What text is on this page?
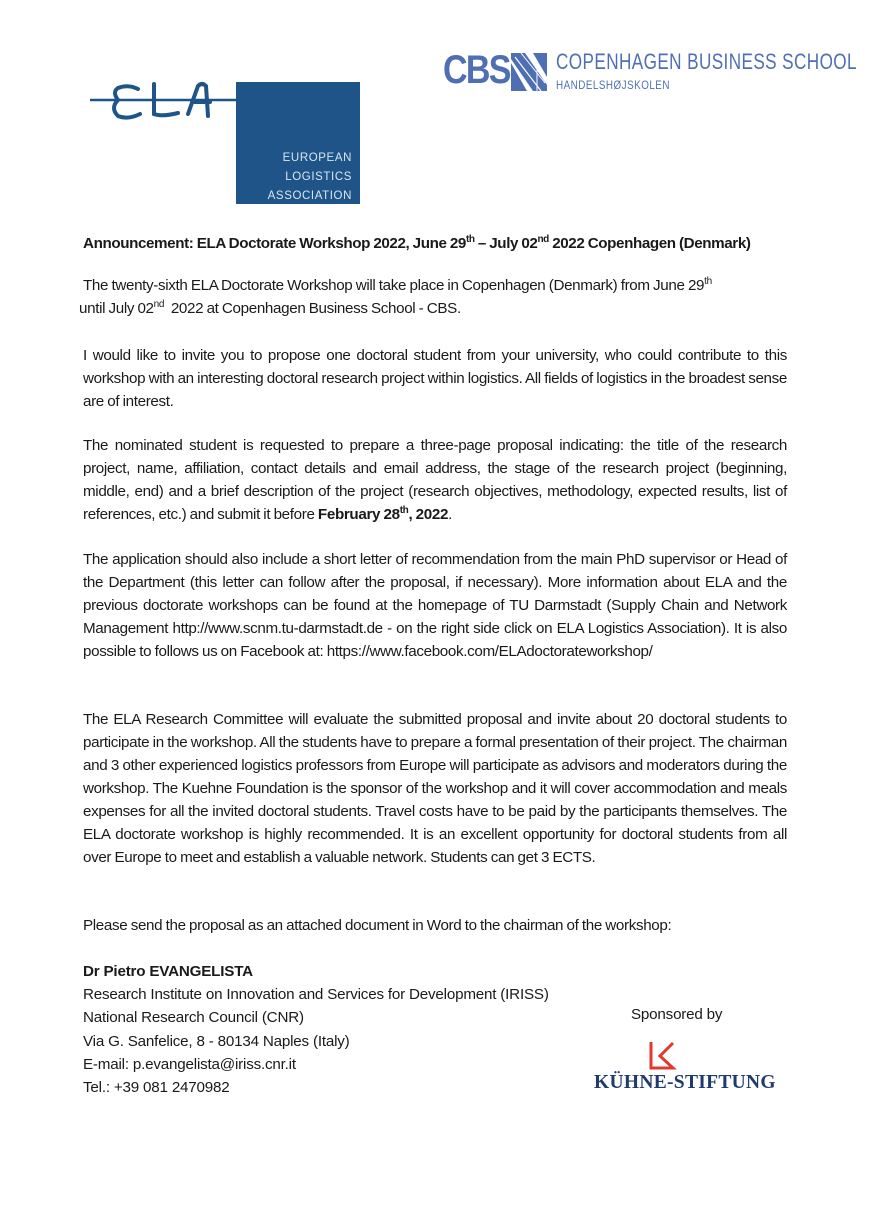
EUROPEAN
LOGISTICS
ASSOCIATION
CBS COPENHAGEN BUSINESS SCHOOL
HANDELSHØJSKOLEN
Announcement: ELA Doctorate Workshop 2022, June 29th – July 02nd 2022 Copenhagen (Denmark)
The twenty-sixth ELA Doctorate Workshop will take place in Copenhagen (Denmark) from June 29th
until July 02nd  2022 at Copenhagen Business School - CBS.
I would like to invite you to propose one doctoral student from your university, who could contribute to this workshop with an interesting doctoral research project within logistics. All fields of logistics in the broadest sense are of interest.
The nominated student is requested to prepare a three-page proposal indicating: the title of the research project, name, affiliation, contact details and email address, the stage of the research project (beginning, middle, end) and a brief description of the project (research objectives, methodology, expected results, list of references, etc.) and submit it before February 28th, 2022.
The application should also include a short letter of recommendation from the main PhD supervisor or Head of the Department (this letter can follow after the proposal, if necessary). More information about ELA and the previous doctorate workshops can be found at the homepage of TU Darmstadt (Supply Chain and Network Management http://www.scnm.tu-darmstadt.de - on the right side click on ELA Logistics Association). It is also possible to follows us on Facebook at: https://www.facebook.com/ELAdoctorateworkshop/
The ELA Research Committee will evaluate the submitted proposal and invite about 20 doctoral students to participate in the workshop. All the students have to prepare a formal presentation of their project. The chairman and 3 other experienced logistics professors from Europe will participate as advisors and moderators during the workshop. The Kuehne Foundation is the sponsor of the workshop and it will cover accommodation and meals expenses for all the invited doctoral students. Travel costs have to be paid by the participants themselves. The ELA doctorate workshop is highly recommended. It is an excellent opportunity for doctoral students from all over Europe to meet and establish a valuable network. Students can get 3 ECTS.
Please send the proposal as an attached document in Word to the chairman of the workshop:
Dr Pietro EVANGELISTA
Research Institute on Innovation and Services for Development (IRISS)
National Research Council (CNR)
Via G. Sanfelice, 8 - 80134 Naples (Italy)
E-mail: p.evangelista@iriss.cnr.it
Tel.: +39 081 2470982
Sponsored by
KÜHNE-STIFTUNG
